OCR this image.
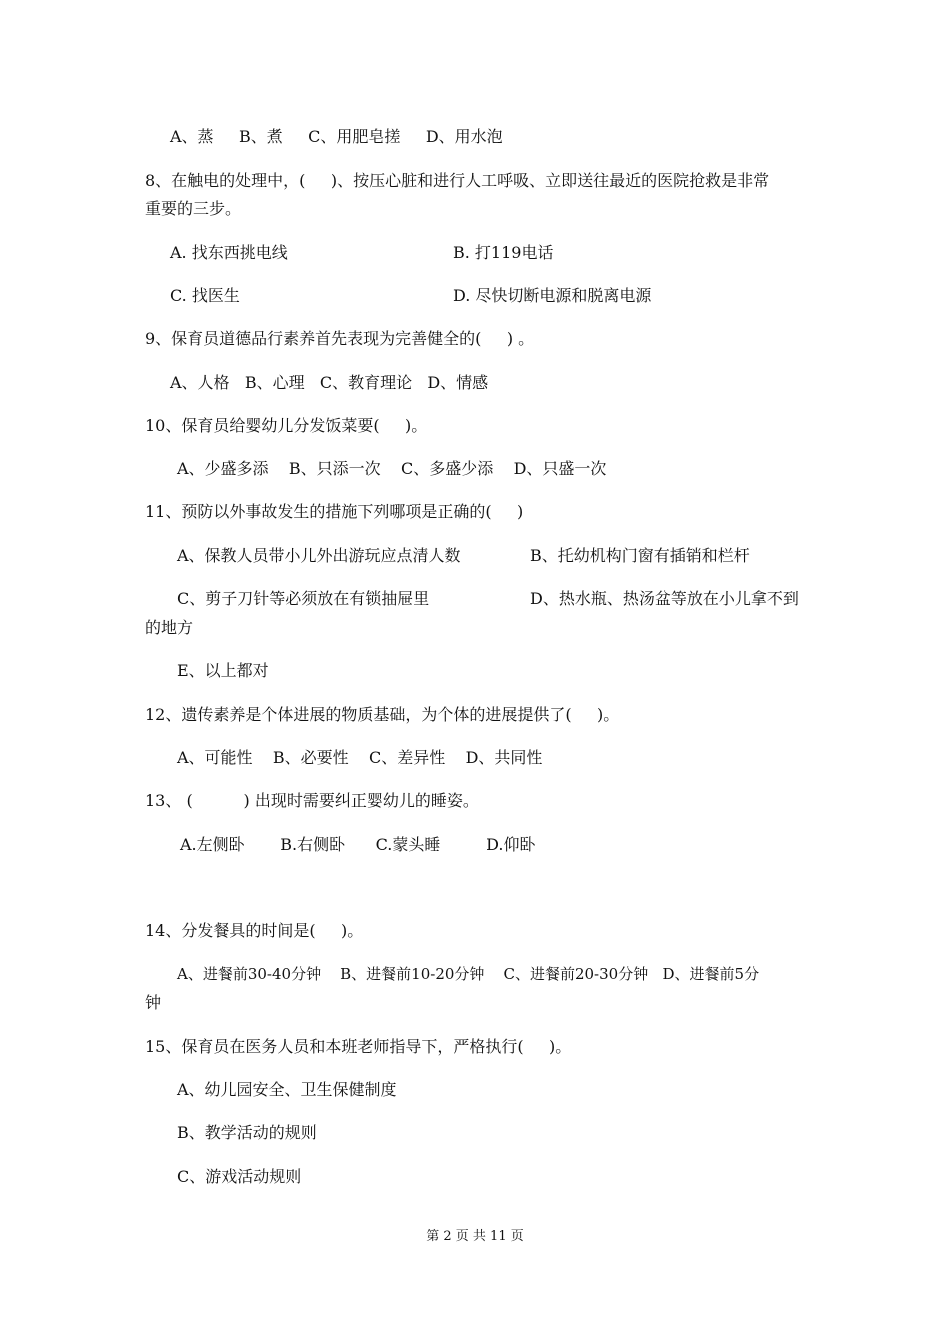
A、蒸     B、煮     C、用肥皂搓     D、用水泡
8、在触电的处理中，(     )、按压心脏和进行人工呼吸、立即送往最近的医院抢救是非常
重要的三步。
A. 找东西挑电线	B. 打119电话
C. 找医生	D. 尽快切断电源和脱离电源
9、保育员道德品行素养首先表现为完善健全的(     ) 。
A、人格   B、心理   C、教育理论   D、情感
10、保育员给婴幼儿分发饭菜要(     )。
A、少盛多添    B、只添一次    C、多盛少添    D、只盛一次
11、预防以外事故发生的措施下列哪项是正确的(     )
A、保教人员带小儿外出游玩应点清人数	B、托幼机构门窗有插销和栏杆
C、剪子刀针等必须放在有锁抽屉里	D、热水瓶、热汤盆等放在小儿拿不到
的地方
E、以上都对
12、遗传素养是个体进展的物质基础，为个体的进展提供了(     )。
A、可能性    B、必要性    C、差异性    D、共同性
13、 (          ) 出现时需要纠正婴幼儿的睡姿。
A.左侧卧       B.右侧卧      C.蒙头睡         D.仰卧
14、分发餐具的时间是(     )。
A、进餐前30-40分钟    B、进餐前10-20分钟    C、进餐前20-30分钟   D、进餐前5分
钟
15、保育员在医务人员和本班老师指导下，严格执行(     )。
A、幼儿园安全、卫生保健制度
B、教学活动的规则
C、游戏活动规则
第 2 页 共 11 页
